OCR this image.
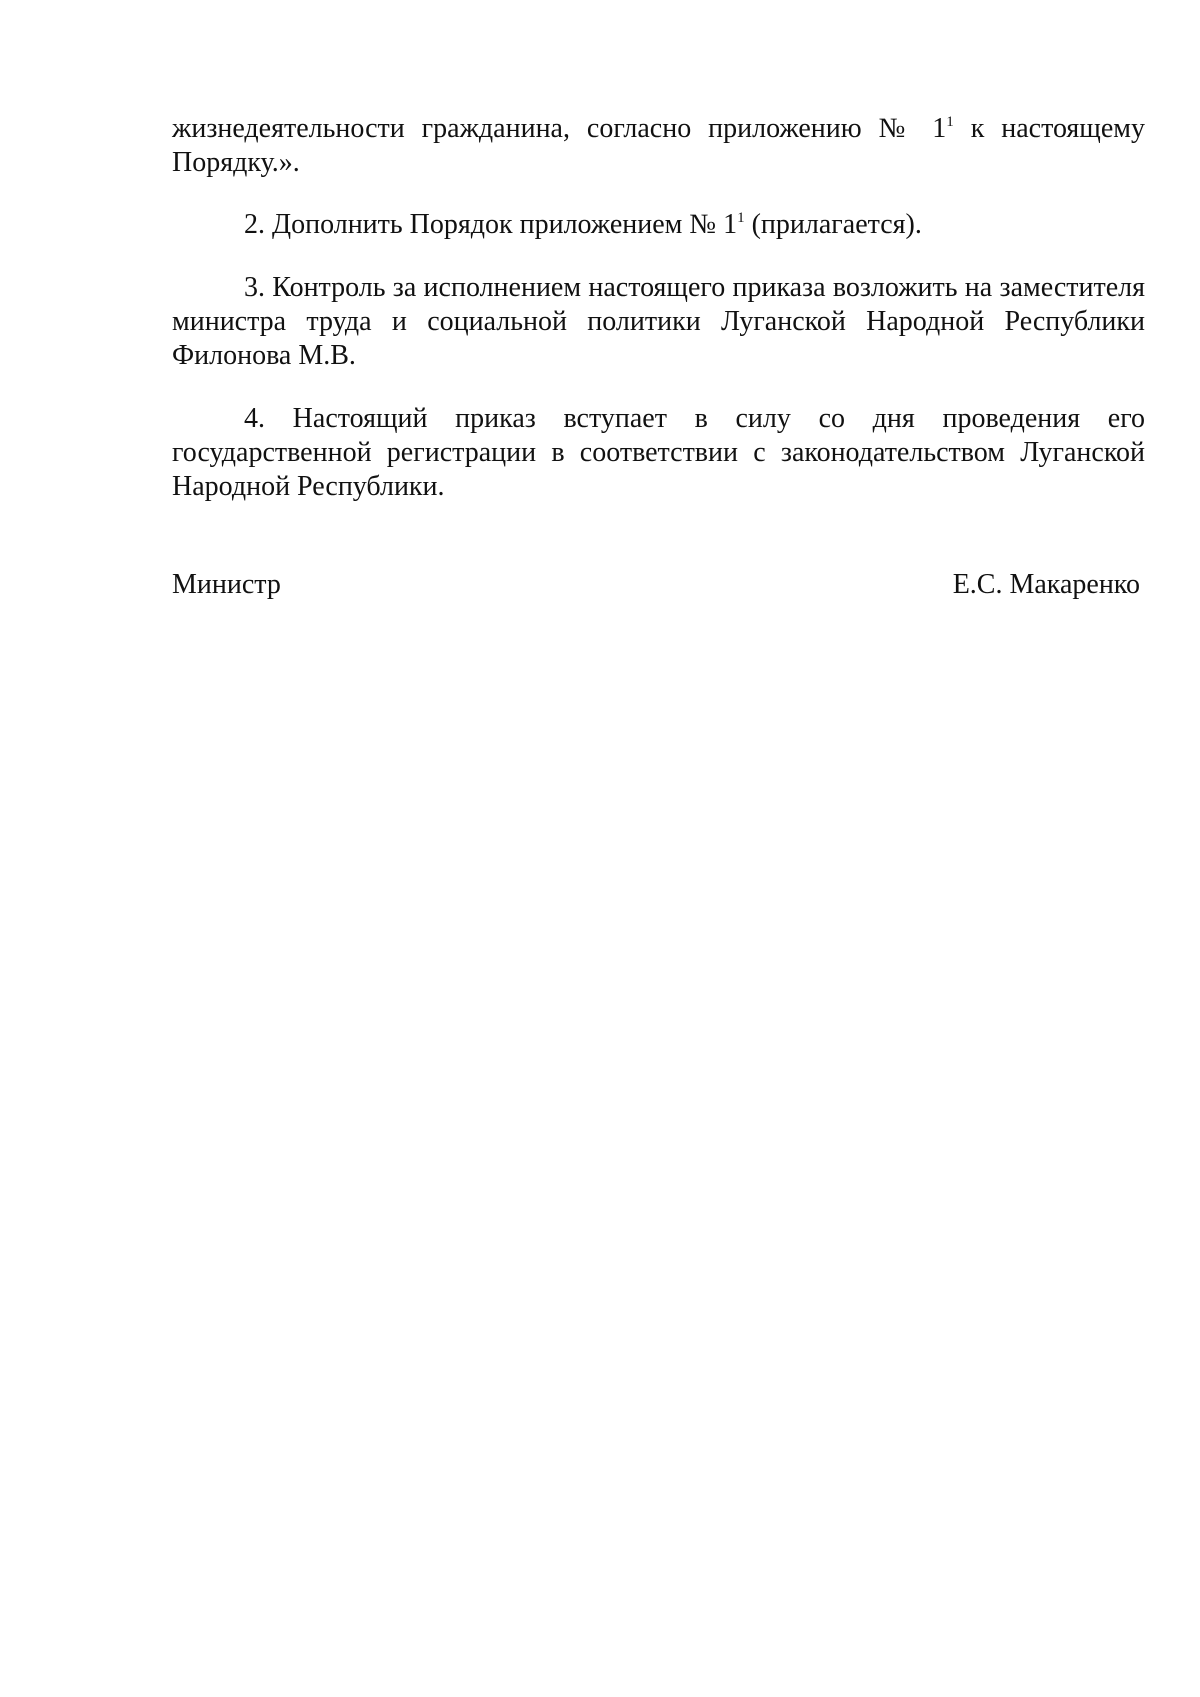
жизнедеятельности гражданина, согласно приложению № $1^1$ к настоящему Порядку.».

2. Дополнить Порядок приложением № $1^1$ (прилагается).

3. Контроль за исполнением настоящего приказа возложить на заместителя министра труда и социальной политики Луганской Народной Республики Филонова М.В.

4. Настоящий приказ вступает в силу со дня проведения его государственной регистрации в соответствии с законодательством Луганской Народной Республики.

Министр	Е.С. Макаренко
